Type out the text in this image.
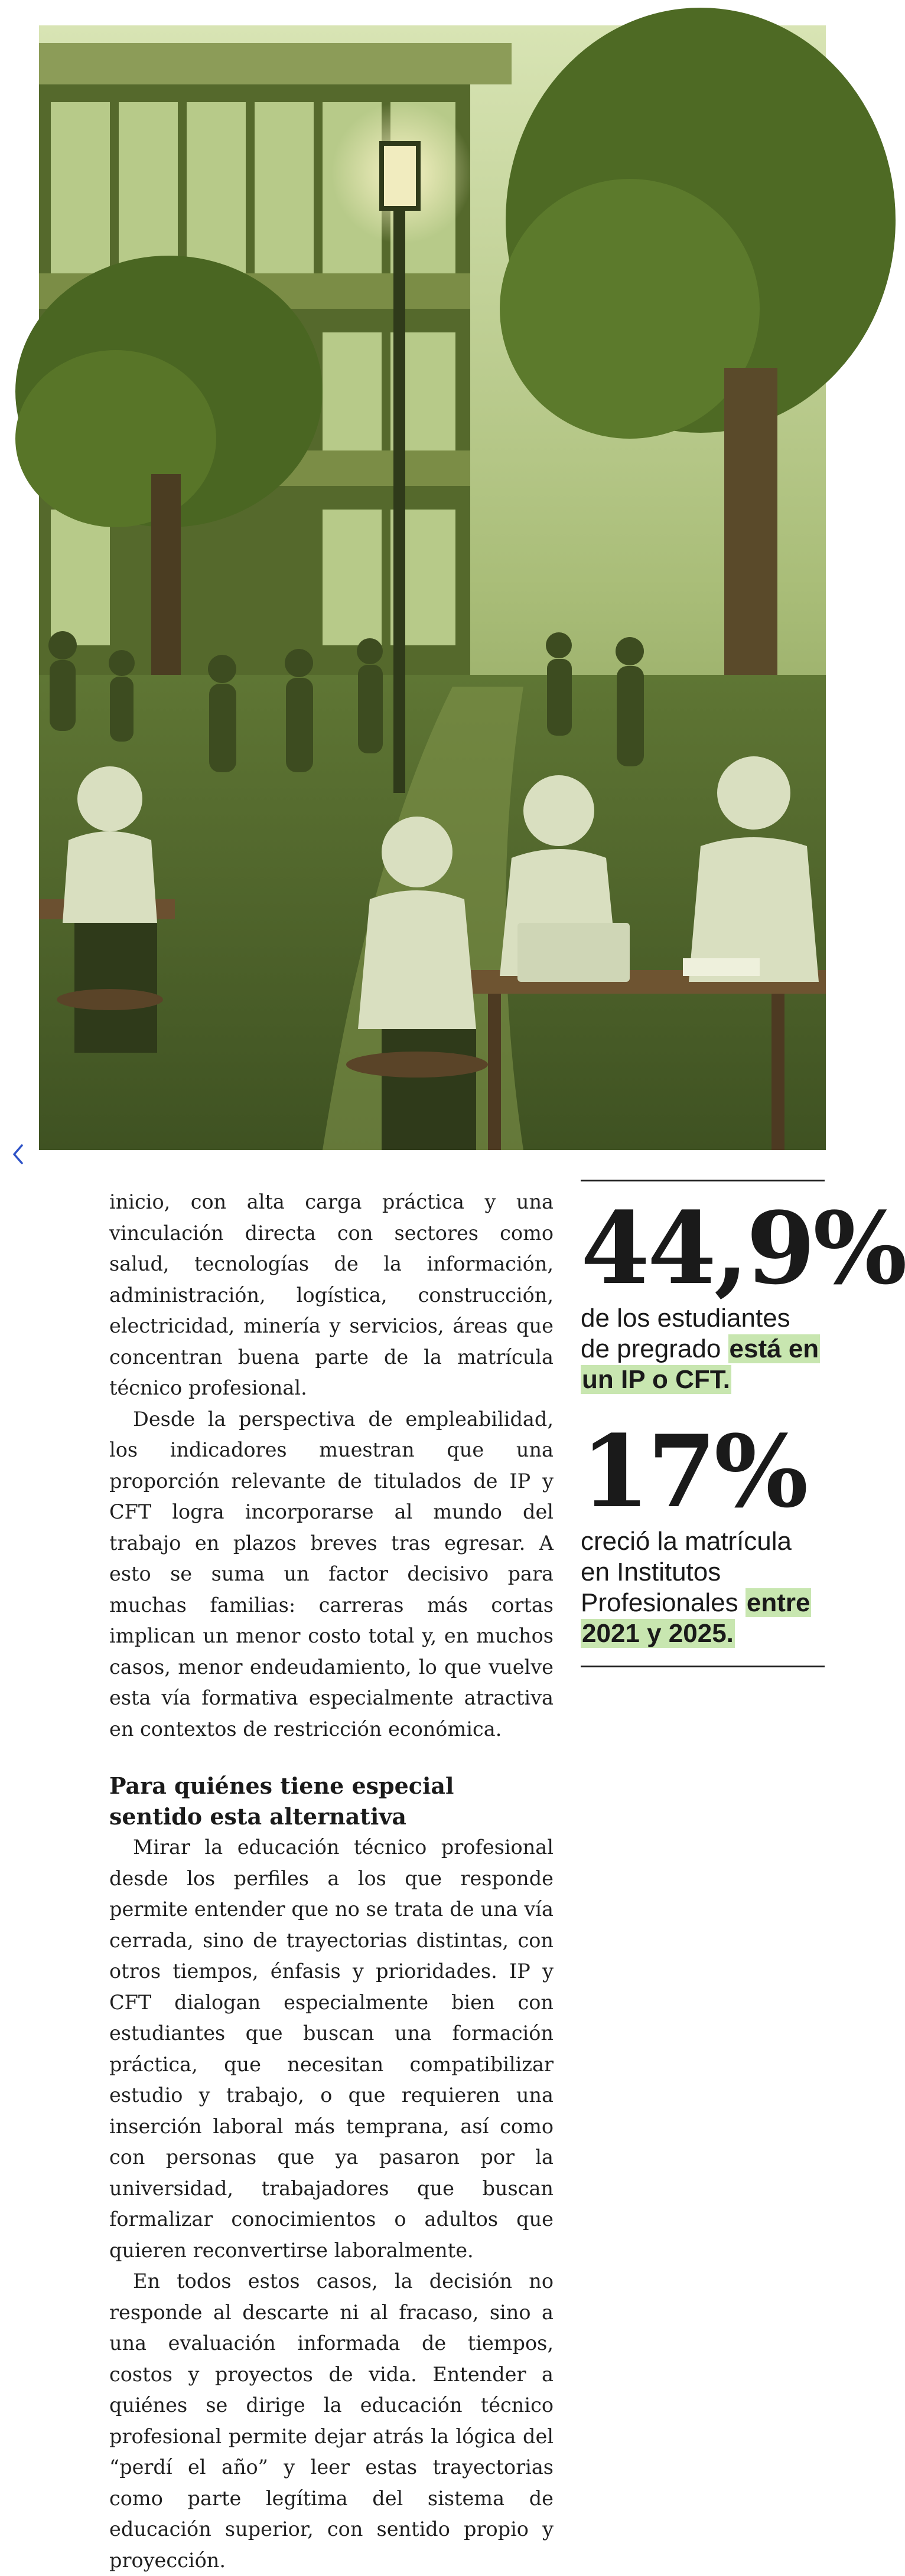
inicio, con alta carga práctica y una vinculación directa con sectores como salud, tecnologías de la información, administración, logística, construcción, electricidad, minería y servicios, áreas que concentran buena parte de la matrícula técnico profesional.

Desde la perspectiva de empleabilidad, los indicadores muestran que una proporción relevante de titulados de IP y CFT logra incorporarse al mundo del trabajo en plazos breves tras egresar. A esto se suma un factor decisivo para muchas familias: carreras más cortas implican un menor costo total y, en muchos casos, menor endeudamiento, lo que vuelve esta vía formativa especialmente atractiva en contextos de restricción económica.

Para quiénes tiene especial sentido esta alternativa

Mirar la educación técnico profesional desde los perfiles a los que responde permite entender que no se trata de una vía cerrada, sino de trayectorias distintas, con otros tiempos, énfasis y prioridades. IP y CFT dialogan especialmente bien con estudiantes que buscan una formación práctica, que necesitan compatibilizar estudio y trabajo, o que requieren una inserción laboral más temprana, así como con personas que ya pasaron por la universidad, trabajadores que buscan formalizar conocimientos o adultos que quieren reconvertirse laboralmente.

En todos estos casos, la decisión no responde al descarte ni al fracaso, sino a una evaluación informada de tiempos, costos y proyectos de vida. Entender a quiénes se dirige la educación técnico profesional permite dejar atrás la lógica del “perdí el año” y leer estas trayectorias como parte legítima del sistema de educación superior, con sentido propio y proyección.

44,9%
de los estudiantes de pregrado está en un IP o CFT.
17%
creció la matrícula en Institutos Profesionales entre 2021 y 2025.
